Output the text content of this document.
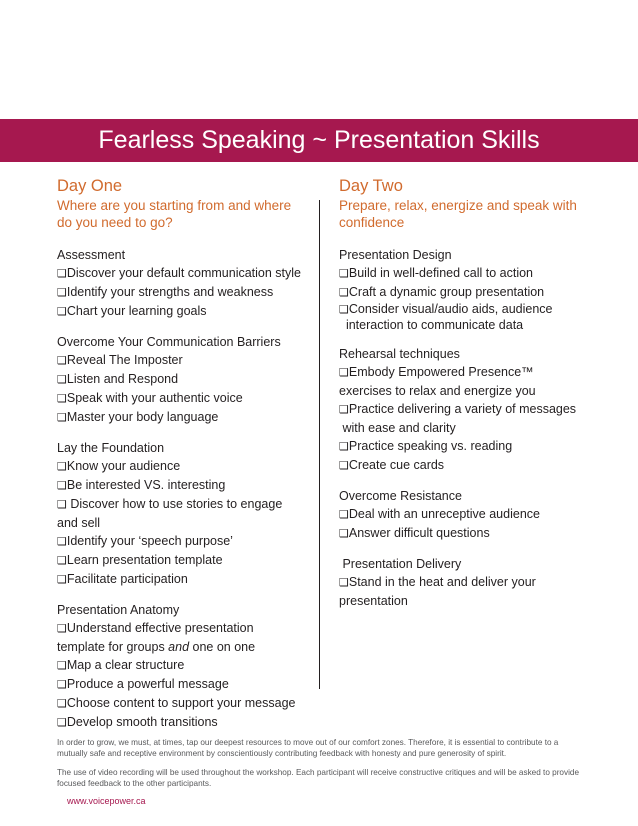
Fearless Speaking ~ Presentation Skills

Day One

Where are you starting from and where
do you need to go?

Assessment
❑Discover your default communication style
❑Identify your strengths and weakness
❑Chart your learning goals
Overcome Your Communication Barriers
❑Reveal The Imposter
❑Listen and Respond
❑Speak with your authentic voice
❑Master your body language
Lay the Foundation
❑Know your audience
❑Be interested VS. interesting
❑ Discover how to use stories to engage
and sell
❑Identify your ‘speech purpose’
❑Learn presentation template
❑Facilitate participation
Presentation Anatomy
❑Understand effective presentation
template for groups and one on one
❑Map a clear structure
❑Produce a powerful message
❑Choose content to support your message
❑Develop smooth transitions

Day Two

Prepare, relax, energize and speak with
confidence

Presentation Design
❑Build in well-defined call to action
❑Craft a dynamic group presentation
❑Consider visual/audio aids, audience
interaction to communicate data
Rehearsal techniques
❑Embody Empowered Presence™
exercises to relax and energize you
❑Practice delivering a variety of messages
with ease and clarity
❑Practice speaking vs. reading
❑Create cue cards
Overcome Resistance
❑Deal with an unreceptive audience
❑Answer difficult questions
Presentation Delivery
❑Stand in the heat and deliver your
presentation
In order to grow, we must, at times, tap our deepest resources to move out of our comfort zones. Therefore, it is essential to contribute to a mutually safe and receptive environment by conscientiously contributing feedback with honesty and pure generosity of spirit.
The use of video recording will be used throughout the workshop. Each participant will receive constructive critiques and will be asked to provide focused feedback to the other participants.
www.voicepower.ca
